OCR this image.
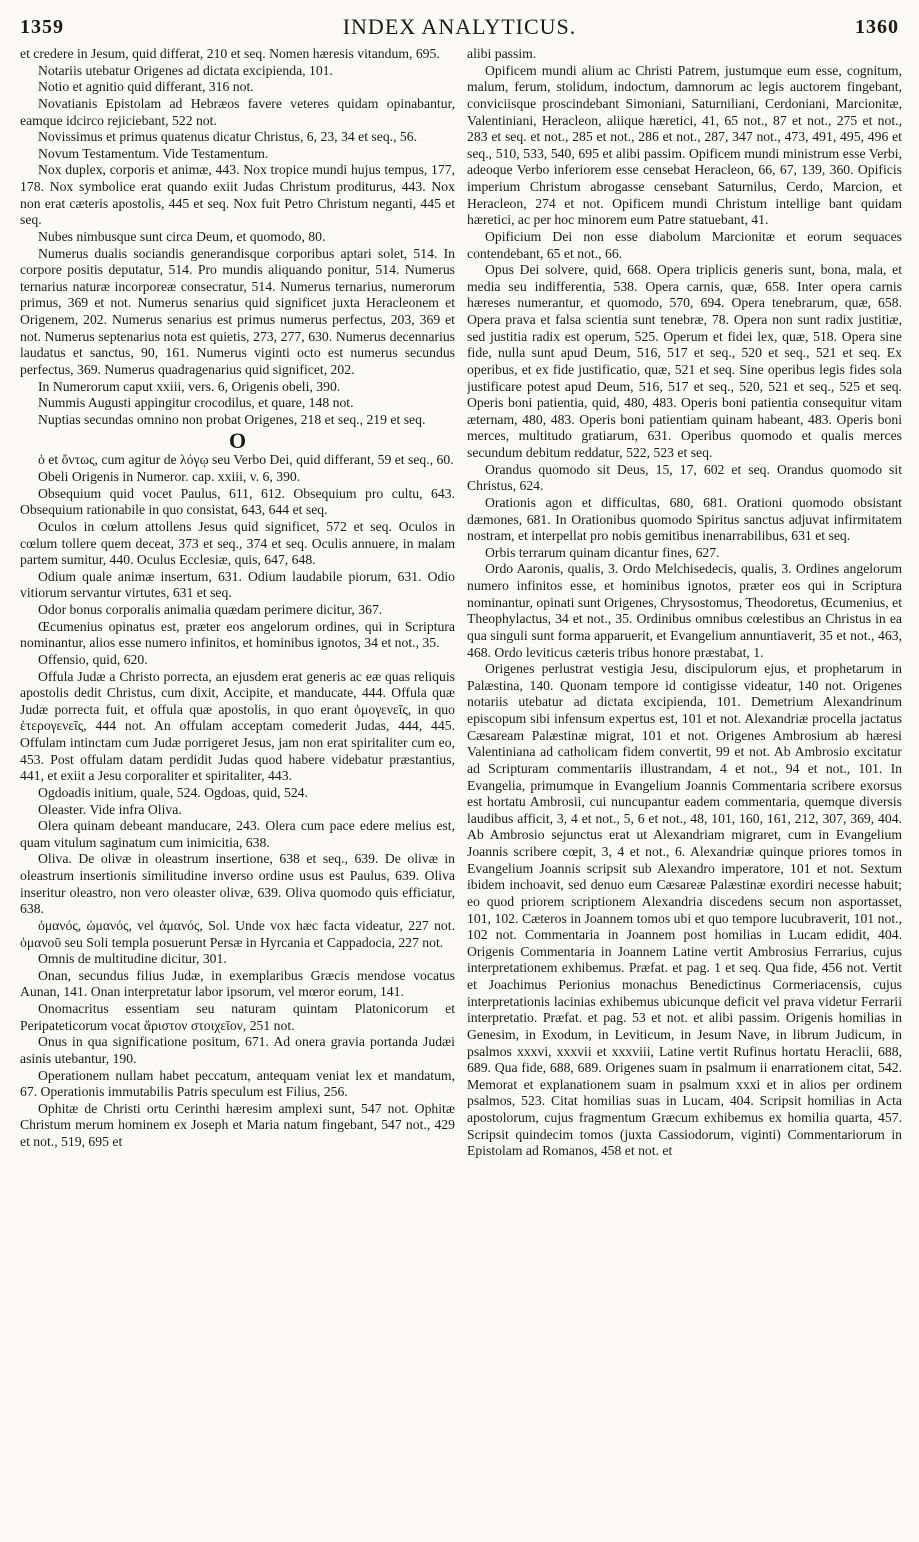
1359	INDEX ANALYTICUS.	1360

et credere in Jesum, quid differat, 210 et seq. Nomen hæresis vitandum, 695.

Notariis utebatur Origenes ad dictata excipienda, 101.

Notio et agnitio quid differant, 316 not.

Novatianis Epistolam ad Hebræos favere veteres quidam opinabantur, eamque idcirco rejiciebant, 522 not.

Novissimus et primus quatenus dicatur Christus, 6, 23, 34 et seq., 56.

Novum Testamentum. Vide Testamentum.

Nox duplex, corporis et animæ, 443. Nox tropice mundi hujus tempus, 177, 178. Nox symbolice erat quando exiit Judas Christum proditurus, 443. Nox non erat cæteris apostolis, 445 et seq. Nox fuit Petro Christum neganti, 445 et seq.

Nubes nimbusque sunt circa Deum, et quomodo, 80.

Numerus dualis sociandis generandisque corporibus aptari solet, 514. In corpore positis deputatur, 514. Pro mundis aliquando ponitur, 514. Numerus ternarius naturæ incorporeæ consecratur, 514. Numerus ternarius, numerorum primus, 369 et not. Numerus senarius quid significet juxta Heracleonem et Origenem, 202. Numerus senarius est primus numerus perfectus, 203, 369 et not. Numerus septenarius nota est quietis, 273, 277, 630. Numerus decennarius laudatus et sanctus, 90, 161. Numerus viginti octo est numerus secundus perfectus, 369. Numerus quadragenarius quid significet, 202.

In Numerorum caput xxiii, vers. 6, Origenis obeli, 390.

Nummis Augusti appingitur crocodilus, et quare, 148 not.

Nuptias secundas omnino non probat Origenes, 218 et seq., 219 et seq.

O

ὁ et ὄντως, cum agitur de λόγῳ seu Verbo Dei, quid differant, 59 et seq., 60.

Obeli Origenis in Numeror. cap. xxiii, v. 6, 390.

Obsequium quid vocet Paulus, 611, 612. Obsequium pro cultu, 643. Obsequium rationabile in quo consistat, 643, 644 et seq.

Oculos in cœlum attollens Jesus quid significet, 572 et seq. Oculos in cœlum tollere quem deceat, 373 et seq., 374 et seq. Oculis annuere, in malam partem sumitur, 440. Oculus Ecclesiæ, quis, 647, 648.

Odium quale animæ insertum, 631. Odium laudabile piorum, 631. Odio vitiorum servantur virtutes, 631 et seq.

Odor bonus corporalis animalia quædam perimere dicitur, 367.

Œcumenius opinatus est, præter eos angelorum ordines, qui in Scriptura nominantur, alios esse numero infinitos, et hominibus ignotos, 34 et not., 35.

Offensio, quid, 620.

Offula Judæ a Christo porrecta, an ejusdem erat generis ac eæ quas reliquis apostolis dedit Christus, cum dixit, Accipite, et manducate, 444. Offula quæ Judæ porrecta fuit, et offula quæ apostolis, in quo erant ὁμογενεῖς, in quo ἑτερογενεῖς, 444 not. An offulam acceptam comederit Judas, 444, 445. Offulam intinctam cum Judæ porrigeret Jesus, jam non erat spiritaliter cum eo, 453. Post offulam datam perdidit Judas quod habere videbatur præstantius, 441, et exiit a Jesu corporaliter et spiritaliter, 443.

Ogdoadis initium, quale, 524. Ogdoas, quid, 524.

Oleaster. Vide infra Oliva.

Olera quinam debeant manducare, 243. Olera cum pace edere melius est, quam vitulum saginatum cum inimicitia, 638.

Oliva. De olivæ in oleastrum insertione, 638 et seq., 639. De olivæ in oleastrum insertionis similitudine inverso ordine usus est Paulus, 639. Oliva inseritur oleastro, non vero oleaster olivæ, 639. Oliva quomodo quis efficiatur, 638.

ὀμανός, ὠμανός, vel ἀμανός, Sol. Unde vox hæc facta videatur, 227 not. ὀμανοῦ seu Soli templa posuerunt Persæ in Hyrcania et Cappadocia, 227 not.

Omnis de multitudine dicitur, 301.

Onan, secundus filius Judæ, in exemplaribus Græcis mendose vocatus Aunan, 141. Onan interpretatur labor ipsorum, vel mœror eorum, 141.

Onomacritus essentiam seu naturam quintam Platonicorum et Peripateticorum vocat ἄριστον στοιχεῖον, 251 not.

Onus in qua significatione positum, 671. Ad onera gravia portanda Judæi asinis utebantur, 190.

Operationem nullam habet peccatum, antequam veniat lex et mandatum, 67. Operationis immutabilis Patris speculum est Filius, 256.

Ophitæ de Christi ortu Cerinthi hæresim amplexi sunt, 547 not. Ophitæ Christum merum hominem ex Joseph et Maria natum fingebant, 547 not., 429 et not., 519, 695 et

alibi passim.

Opificem mundi alium ac Christi Patrem, justumque eum esse, cognitum, malum, ferum, stolidum, indoctum, damnorum ac legis auctorem fingebant, conviciisque proscindebant Simoniani, Saturniliani, Cerdoniani, Marcionitæ, Valentiniani, Heracleon, aliique hæretici, 41, 65 not., 87 et not., 275 et not., 283 et seq. et not., 285 et not., 286 et not., 287, 347 not., 473, 491, 495, 496 et seq., 510, 533, 540, 695 et alibi passim. Opificem mundi ministrum esse Verbi, adeoque Verbo inferiorem esse censebat Heracleon, 66, 67, 139, 360. Opificis imperium Christum abrogasse censebant Saturnilus, Cerdo, Marcion, et Heracleon, 274 et not. Opificem mundi Christum intellige bant quidam hæretici, ac per hoc minorem eum Patre statuebant, 41.

Opificium Dei non esse diabolum Marcionitæ et eorum sequaces contendebant, 65 et not., 66.

Opus Dei solvere, quid, 668. Opera triplicis generis sunt, bona, mala, et media seu indifferentia, 538. Opera carnis, quæ, 658. Inter opera carnis hæreses numerantur, et quomodo, 570, 694. Opera tenebrarum, quæ, 658. Opera prava et falsa scientia sunt tenebræ, 78. Opera non sunt radix justitiæ, sed justitia radix est operum, 525. Operum et fidei lex, quæ, 518. Opera sine fide, nulla sunt apud Deum, 516, 517 et seq., 520 et seq., 521 et seq. Ex operibus, et ex fide justificatio, quæ, 521 et seq. Sine operibus legis fides sola justificare potest apud Deum, 516, 517 et seq., 520, 521 et seq., 525 et seq. Operis boni patientia, quid, 480, 483. Operis boni patientia consequitur vitam æternam, 480, 483. Operis boni patientiam quinam habeant, 483. Operis boni merces, multitudo gratiarum, 631. Operibus quomodo et qualis merces secundum debitum reddatur, 522, 523 et seq.

Orandus quomodo sit Deus, 15, 17, 602 et seq. Orandus quomodo sit Christus, 624.

Orationis agon et difficultas, 680, 681. Orationi quomodo obsistant dæmones, 681. In Orationibus quomodo Spiritus sanctus adjuvat infirmitatem nostram, et interpellat pro nobis gemitibus inenarrabilibus, 631 et seq.

Orbis terrarum quinam dicantur fines, 627.

Ordo Aaronis, qualis, 3. Ordo Melchisedecis, qualis, 3. Ordines angelorum numero infinitos esse, et hominibus ignotos, præter eos qui in Scriptura nominantur, opinati sunt Origenes, Chrysostomus, Theodoretus, Œcumenius, et Theophylactus, 34 et not., 35. Ordinibus omnibus cœlestibus an Christus in ea qua singuli sunt forma apparuerit, et Evangelium annuntiaverit, 35 et not., 463, 468. Ordo leviticus cæteris tribus honore præstabat, 1.

Origenes perlustrat vestigia Jesu, discipulorum ejus, et prophetarum in Palæstina, 140. Quonam tempore id contigisse videatur, 140 not. Origenes notariis utebatur ad dictata excipienda, 101. Demetrium Alexandrinum episcopum sibi infensum expertus est, 101 et not. Alexandriæ procella jactatus Cæsaream Palæstinæ migrat, 101 et not. Origenes Ambrosium ab hæresi Valentiniana ad catholicam fidem convertit, 99 et not. Ab Ambrosio excitatur ad Scripturam commentariis illustrandam, 4 et not., 94 et not., 101. In Evangelia, primumque in Evangelium Joannis Commentaria scribere exorsus est hortatu Ambrosii, cui nuncupantur eadem commentaria, quemque diversis laudibus afficit, 3, 4 et not., 5, 6 et not., 48, 101, 160, 161, 212, 307, 369, 404. Ab Ambrosio sejunctus erat ut Alexandriam migraret, cum in Evangelium Joannis scribere cœpit, 3, 4 et not., 6. Alexandriæ quinque priores tomos in Evangelium Joannis scripsit sub Alexandro imperatore, 101 et not. Sextum ibidem inchoavit, sed denuo eum Cæsareæ Palæstinæ exordiri necesse habuit; eo quod priorem scriptionem Alexandria discedens secum non asportasset, 101, 102. Cæteros in Joannem tomos ubi et quo tempore lucubraverit, 101 not., 102 not. Commentaria in Joannem post homilias in Lucam edidit, 404. Origenis Commentaria in Joannem Latine vertit Ambrosius Ferrarius, cujus interpretationem exhibemus. Præfat. et pag. 1 et seq. Qua fide, 456 not. Vertit et Joachimus Perionius monachus Benedictinus Cormeriacensis, cujus interpretationis lacinias exhibemus ubicunque deficit vel prava videtur Ferrarii interpretatio. Præfat. et pag. 53 et not. et alibi passim. Origenis homilias in Genesim, in Exodum, in Leviticum, in Jesum Nave, in librum Judicum, in psalmos xxxvi, xxxvii et xxxviii, Latine vertit Rufinus hortatu Heraclii, 688, 689. Qua fide, 688, 689. Origenes suam in psalmum ii enarrationem citat, 542. Memorat et explanationem suam in psalmum xxxi et in alios per ordinem psalmos, 523. Citat homilias suas in Lucam, 404. Scripsit homilias in Acta apostolorum, cujus fragmentum Græcum exhibemus ex homilia quarta, 457. Scripsit quindecim tomos (juxta Cassiodorum, viginti) Commentariorum in Epistolam ad Romanos, 458 et not. et
